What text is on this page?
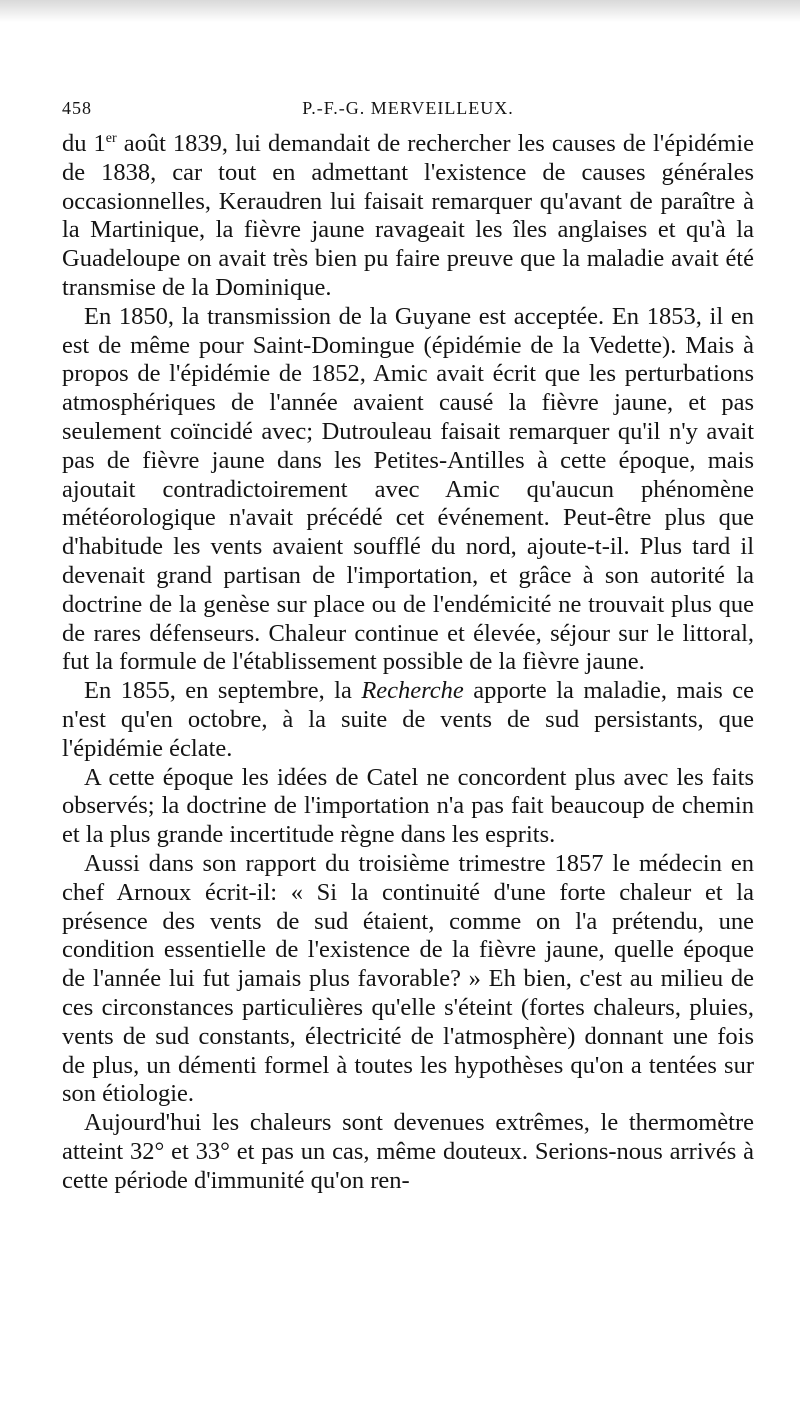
458	P.-F.-G. MERVEILLEUX.

du 1er août 1839, lui demandait de rechercher les causes de l'épidémie de 1838, car tout en admettant l'existence de causes générales occasionnelles, Keraudren lui faisait remarquer qu'avant de paraître à la Martinique, la fièvre jaune ravageait les îles anglaises et qu'à la Guadeloupe on avait très bien pu faire preuve que la maladie avait été transmise de la Dominique.

En 1850, la transmission de la Guyane est acceptée. En 1853, il en est de même pour Saint-Domingue (épidémie de la Vedette). Mais à propos de l'épidémie de 1852, Amic avait écrit que les perturbations atmosphériques de l'année avaient causé la fièvre jaune, et pas seulement coïncidé avec; Dutrouleau faisait remarquer qu'il n'y avait pas de fièvre jaune dans les Petites-Antilles à cette époque, mais ajoutait contradictoirement avec Amic qu'aucun phénomène météorologique n'avait précédé cet événement. Peut-être plus que d'habitude les vents avaient soufflé du nord, ajoute-t-il. Plus tard il devenait grand partisan de l'importation, et grâce à son autorité la doctrine de la genèse sur place ou de l'endémicité ne trouvait plus que de rares défenseurs. Chaleur continue et élevée, séjour sur le littoral, fut la formule de l'établissement possible de la fièvre jaune.

En 1855, en septembre, la Recherche apporte la maladie, mais ce n'est qu'en octobre, à la suite de vents de sud persistants, que l'épidémie éclate.

A cette époque les idées de Catel ne concordent plus avec les faits observés; la doctrine de l'importation n'a pas fait beaucoup de chemin et la plus grande incertitude règne dans les esprits.

Aussi dans son rapport du troisième trimestre 1857 le médecin en chef Arnoux écrit-il: « Si la continuité d'une forte chaleur et la présence des vents de sud étaient, comme on l'a prétendu, une condition essentielle de l'existence de la fièvre jaune, quelle époque de l'année lui fut jamais plus favorable? » Eh bien, c'est au milieu de ces circonstances particulières qu'elle s'éteint (fortes chaleurs, pluies, vents de sud constants, électricité de l'atmosphère) donnant une fois de plus, un démenti formel à toutes les hypothèses qu'on a tentées sur son étiologie.

Aujourd'hui les chaleurs sont devenues extrêmes, le thermomètre atteint 32° et 33° et pas un cas, même douteux. Serions-nous arrivés à cette période d'immunité qu'on ren-
